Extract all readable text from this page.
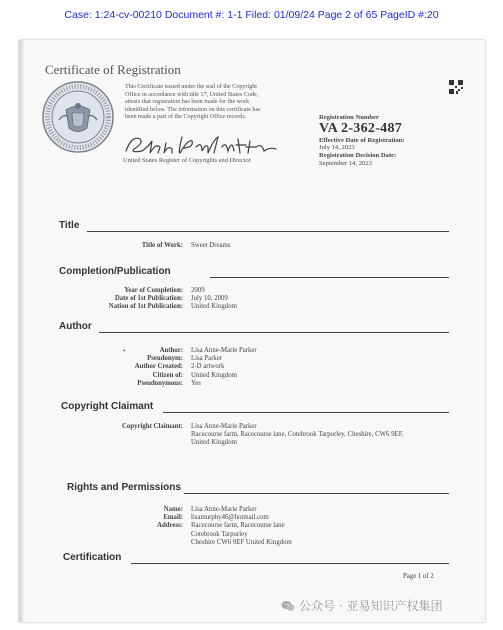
Case: 1:24-cv-00210 Document #: 1-1 Filed: 01/09/24 Page 2 of 65 PageID #:20
Certificate of Registration
This Certificate issued under the seal of the Copyright
Office in accordance with title 17, United States Code,
attests that registration has been made for the work
identified below. The information on this certificate has
been made a part of the Copyright Office records.
United States Register of Copyrights and Director
Registration Number
VA 2-362-487
Effective Date of Registration:
July 14, 2023
Registration Decision Date:
September 14, 2023
Title
Title of Work: Sweet Dreams
Completion/Publication
Year of Completion:
Date of 1st Publication:
Nation of 1st Publication:
2009
July 10, 2009
United Kingdom
Author
•	Author:
Pseudonym:
Author Created:
Citizen of:
Pseudonymous:
Lisa Anne-Marie Parker
Lisa Parker
2-D artwork
United Kingdom
Yes
Copyright Claimant
Copyright Claimant: Lisa Anne-Marie Parker
Racecourse farm, Racecourse lane, Cotebrook Tarporley, Cheshire, CW6 9EF,
United Kingdom
Rights and Permissions
Name:
Email:
Address:
Lisa Anne-Marie Parker
lisamurphy46@hotmail.com
Racecourse farm, Racecourse lane
Cotebrook Tarporley
Cheshire CW6 9EF United Kingdom
Certification
Page 1 of 2
公众号 · 亚易知识产权集团
